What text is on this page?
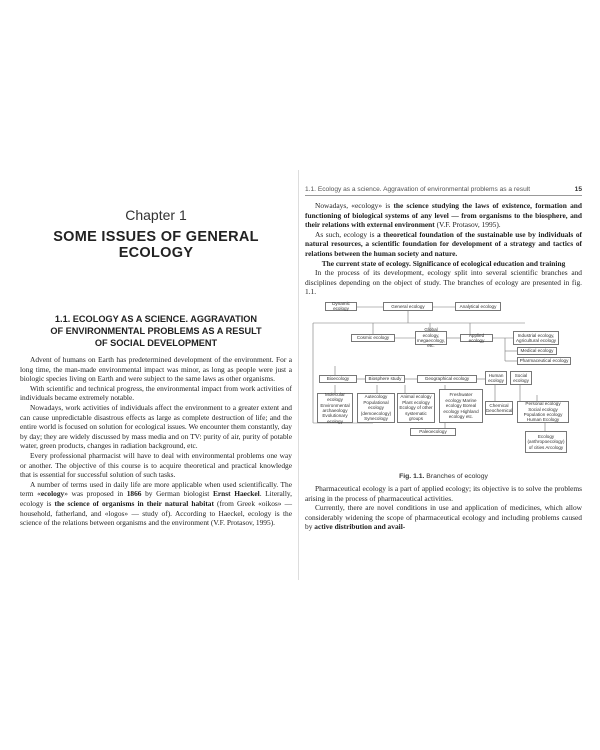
Chapter 1
SOME ISSUES OF GENERAL ECOLOGY
1.1. ECOLOGY AS A SCIENCE. AGGRAVATION
OF ENVIRONMENTAL PROBLEMS AS A RESULT
OF SOCIAL DEVELOPMENT

Advent of humans on Earth has predetermined development of the environment. For a long time, the man-made environmental impact was minor, as long as people were just a biologic species living on Earth and were subject to the same laws as other organisms.

With scientific and technical progress, the environmental impact from work activities of individuals became extremely notable.

Nowadays, work activities of individuals affect the environment to a greater extent and can cause unpredictable disastrous effects as large as complete destruction of life; and the entire world is focused on solution for ecological issues. We encounter them constantly, day by day; they are widely discussed by mass media and on TV: purity of air, purity of potable water, green products, changes in radiation background, etc.

Every professional pharmacist will have to deal with environmental problems one way or another. The objective of this course is to acquire theoretical and practical knowledge that is essential for successful solution of such tasks.

A number of terms used in daily life are more applicable when used scientifically. The term «ecology» was proposed in 1866 by German biologist Ernst Haeckel. Literally, ecology is the science of organisms in their natural habitat (from Greek «oikos» — household, fatherland, and «logos» — study of). According to Haeckel, ecology is the science of the relations between organisms and the environment (V.F. Protasov, 1995).

1.1. Ecology as a science. Aggravation of environmental problems as a result	15

Nowadays, «ecology» is the science studying the laws of existence, formation and functioning of biological systems of any level — from organisms to the biosphere, and their relations with external environment (V.F. Protasov, 1995).

As such, ecology is a theoretical foundation of the sustainable use by individuals of natural resources, a scientific foundation for development of a strategy and tactics of relations between the human society and nature.

The current state of ecology. Significance of ecological education and training

In the process of its development, ecology split into several scientific branches and disciplines depending on the object of study. The branches of ecology are presented in fig. 1.1.

Dynamic ecology
General ecology	Analytical ecology
Cosmic ecology
Global ecology, megaecology, etc.
Applied ecology
Industrial ecology, Agricultural ecology
Medical ecology
Pharmaceutical ecology
Bioecology	Biosphere study	Geographical ecology
Human ecology
Social ecology
Molecular ecology Environmental archaeology Evolutionary ecology
Autecology Populational ecology (demoecology) Synecology
Animal ecology Plant ecology Ecology of other systematic groups
Freshwater ecology Marine ecology Boreal ecology Highland ecology etc.
Chemical Geochemical
Personal ecology Social ecology Population ecology Human Ecology
Paleoecology
Ecology (anthropoecology) of cities Arcology
Fig. 1.1. Branches of ecology

Pharmaceutical ecology is a part of applied ecology; its objective is to solve the problems arising in the process of pharmaceutical activities.

Currently, there are novel conditions in use and application of medicines, which allow considerably widening the scope of pharmaceutical ecology and including problems caused by active distribution and avail-
